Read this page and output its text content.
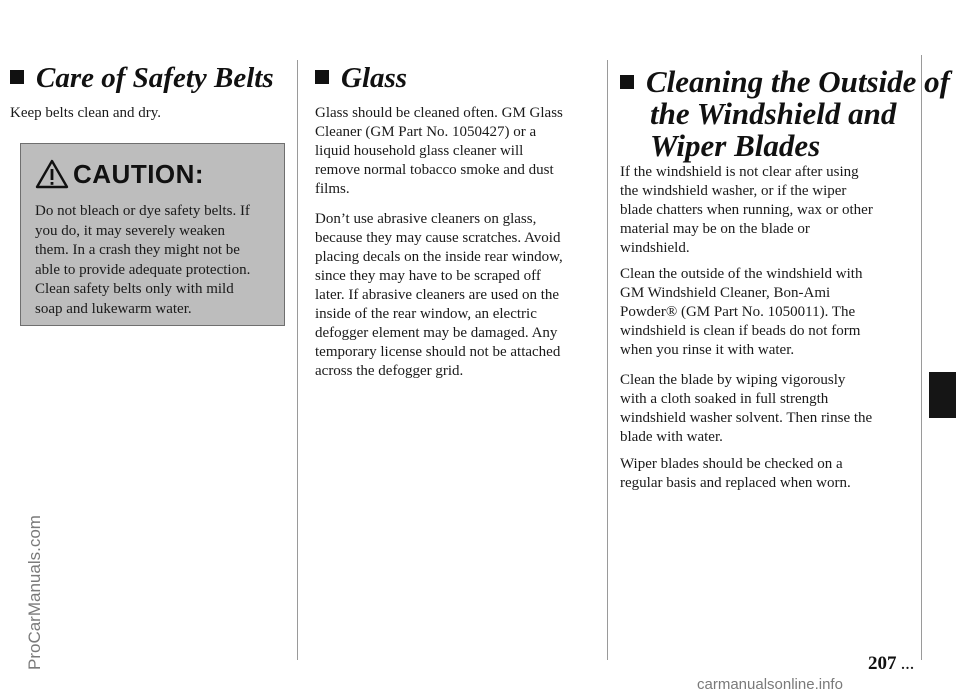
Care of Safety Belts

Keep belts clean and dry.

CAUTION:

Do not bleach or dye safety belts. If
you do, it may severely weaken
them. In a crash they might not be
able to provide adequate protection.
Clean safety belts only with mild
soap and lukewarm water.

Glass

Glass should be cleaned often. GM Glass
Cleaner (GM Part No. 1050427) or a
liquid household glass cleaner will
remove normal tobacco smoke and dust
films.

Don’t use abrasive cleaners on glass,
because they may cause scratches. Avoid
placing decals on the inside rear window,
since they may have to be scraped off
later. If abrasive cleaners are used on the
inside of the rear window, an electric
defogger element may be damaged. Any
temporary license should not be attached
across the defogger grid.

Cleaning the Outside of
the Windshield and
Wiper Blades

If the windshield is not clear after using
the windshield washer, or if the wiper
blade chatters when running, wax or other
material may be on the blade or
windshield.

Clean the outside of the windshield with
GM Windshield Cleaner, Bon-Ami
Powder® (GM Part No. 1050011). The
windshield is clean if beads do not form
when you rinse it with water.

Clean the blade by wiping vigorously
with a cloth soaked in full strength
windshield washer solvent. Then rinse the
blade with water.

Wiper blades should be checked on a
regular basis and replaced when worn.

207 ...
ProCarManuals.com
carmanualsonline.info
